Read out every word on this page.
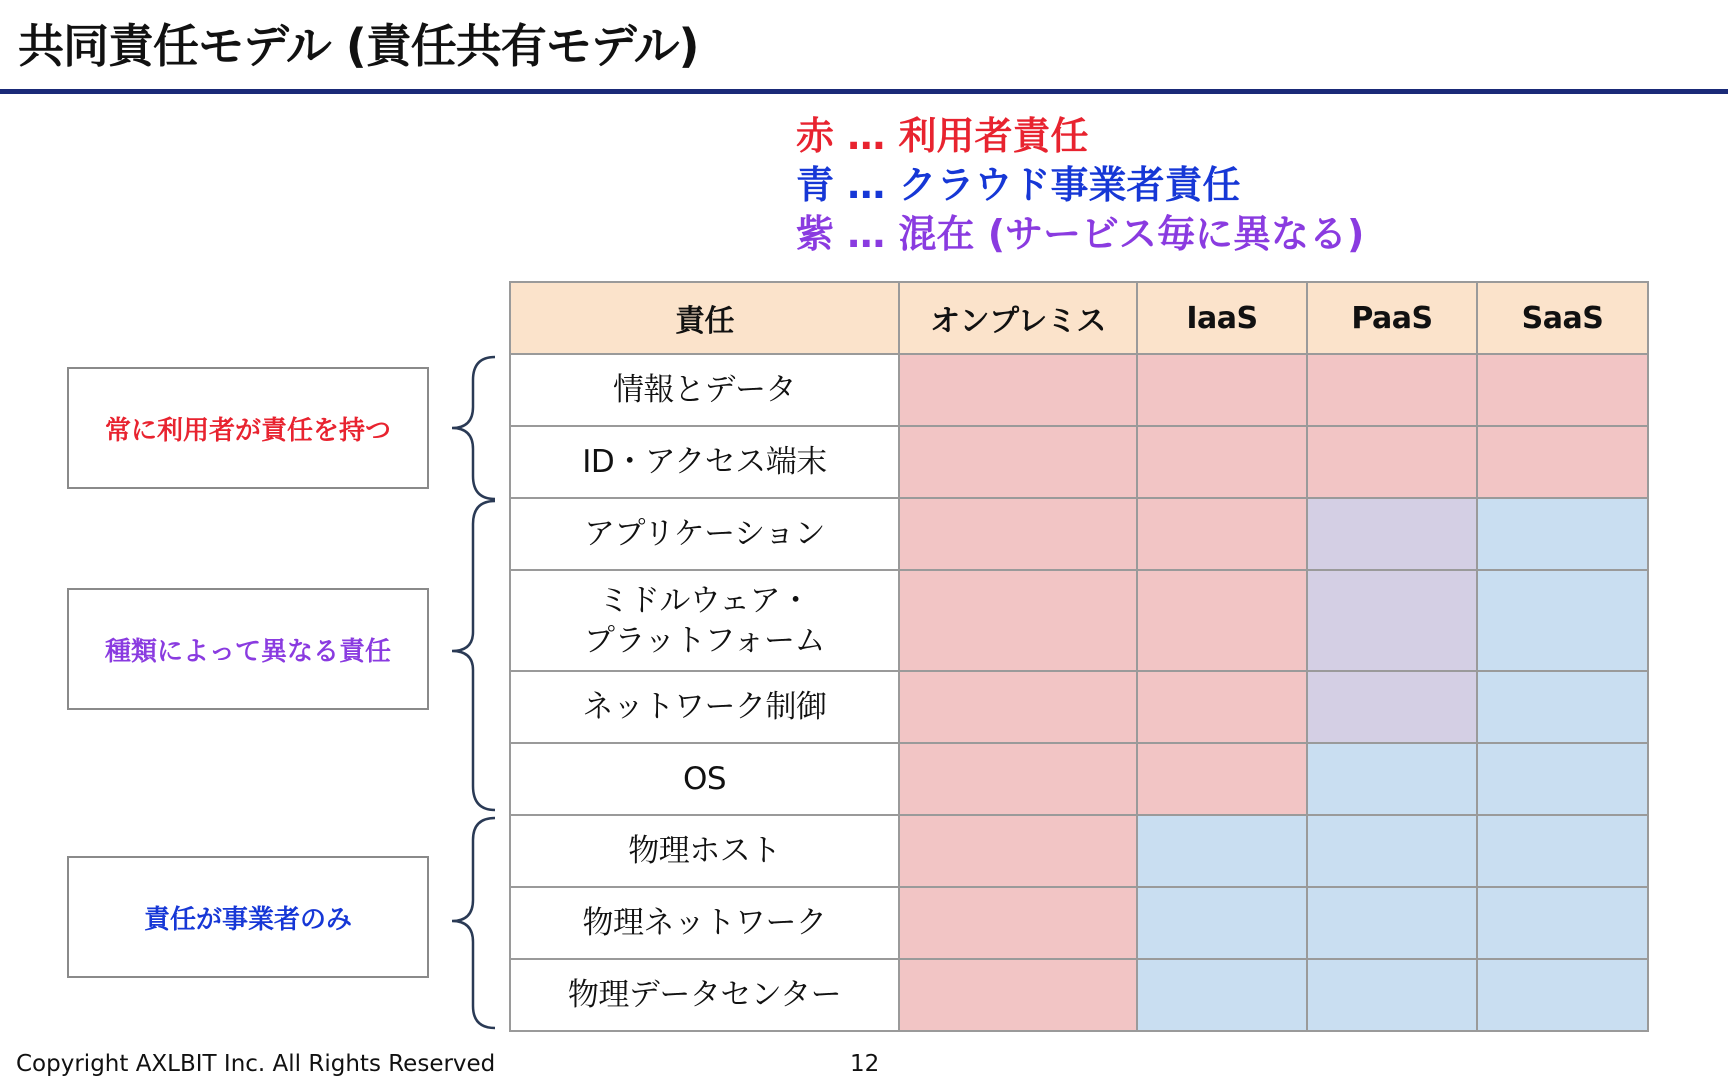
共同責任モデル (責任共有モデル)
赤 … 利用者責任
青 … クラウド事業者責任
紫 … 混在 (サービス毎に異なる)
常に利用者が責任を持つ
種類によって異なる責任
責任が事業者のみ
責任	オンプレミス	IaaS	PaaS	SaaS
情報とデータ				
ID・アクセス端末				
アプリケーション				

ミドルウェア・
プラットフォーム				

ネットワーク制御				
OS				
物理ホスト				
物理ネットワーク				
物理データセンター				
Copyright AXLBIT Inc. All Rights Reserved	12
